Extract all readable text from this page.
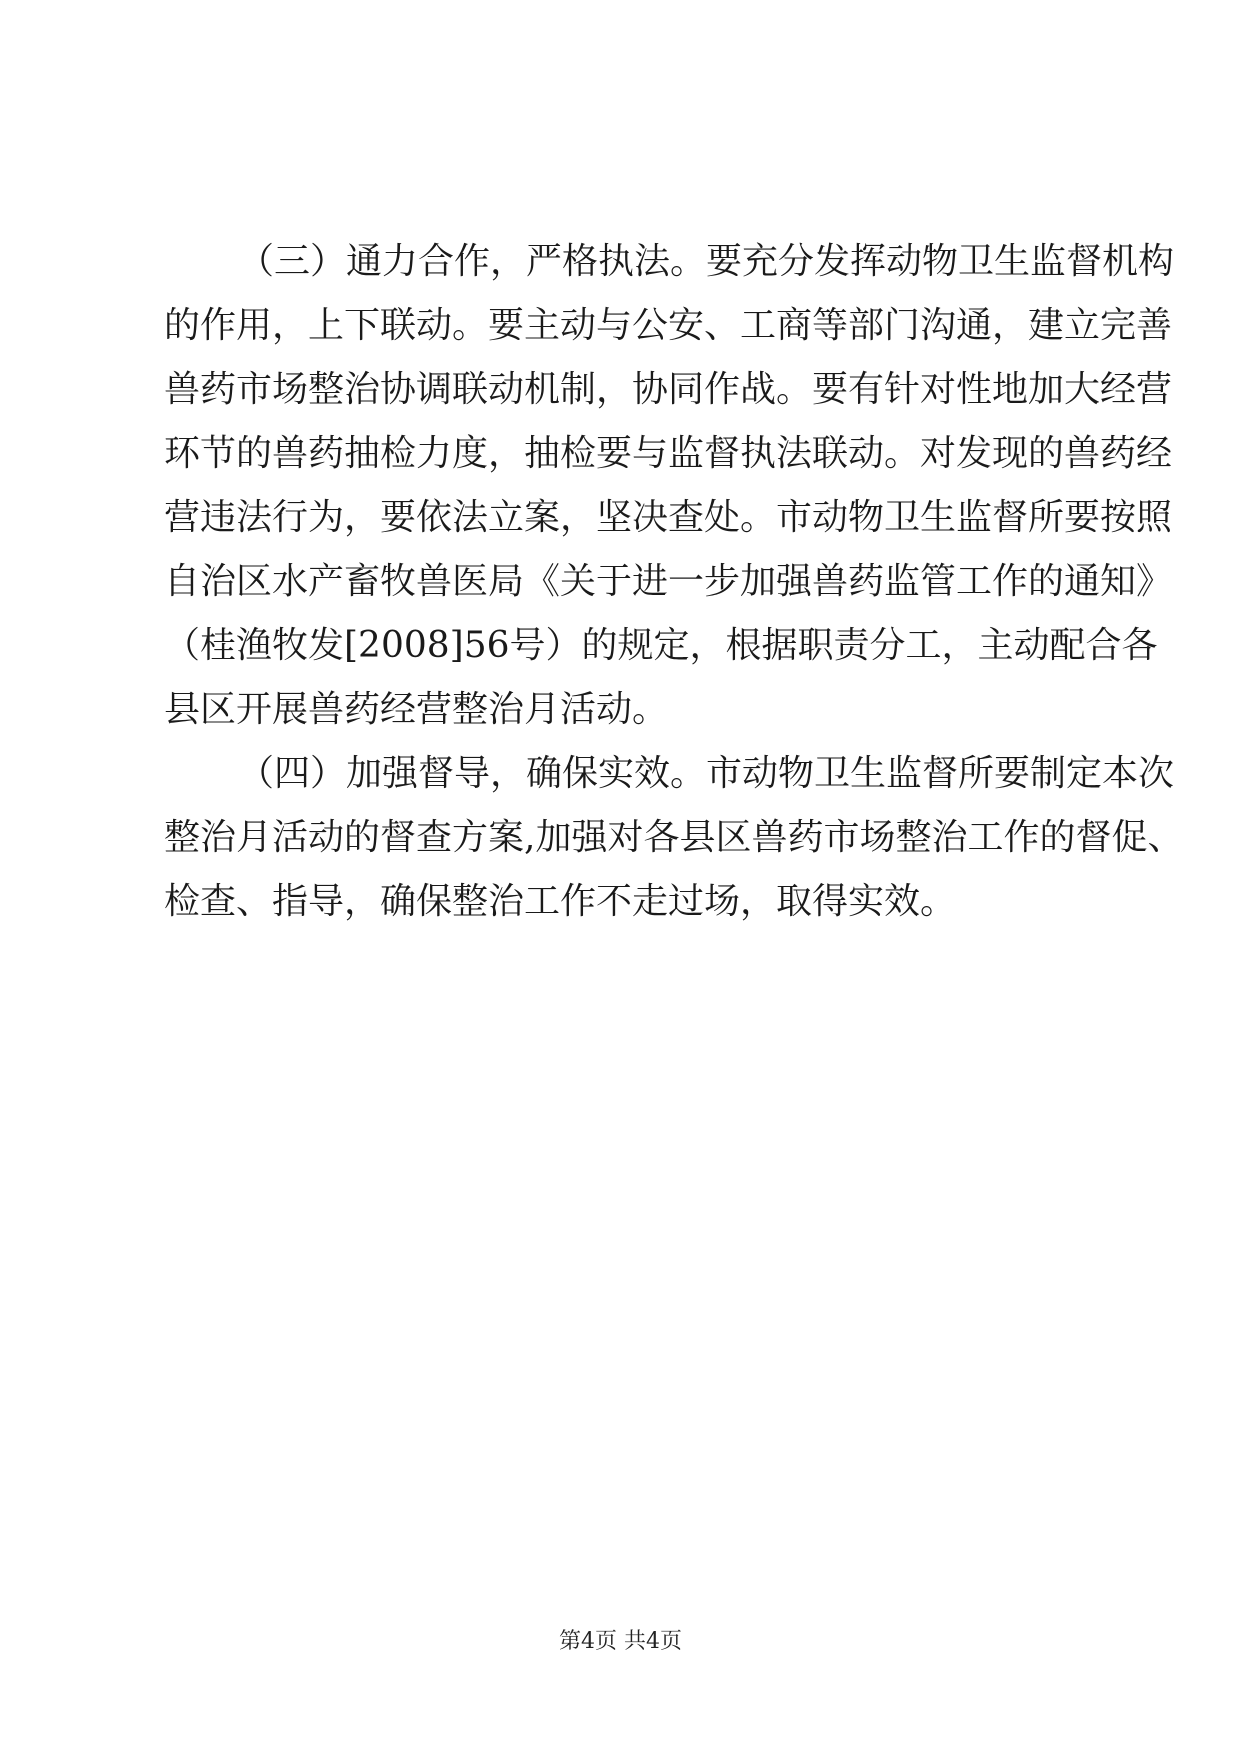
（三）通力合作，严格执法。要充分发挥动物卫生监督机构
的作用，上下联动。要主动与公安、工商等部门沟通，建立完善
兽药市场整治协调联动机制，协同作战。要有针对性地加大经营
环节的兽药抽检力度，抽检要与监督执法联动。对发现的兽药经
营违法行为，要依法立案，坚决查处。市动物卫生监督所要按照
自治区水产畜牧兽医局《关于进一步加强兽药监管工作的通知》
（桂渔牧发[2008]56号）的规定，根据职责分工，主动配合各
县区开展兽药经营整治月活动。
（四）加强督导，确保实效。市动物卫生监督所要制定本次
整治月活动的督查方案,加强对各县区兽药市场整治工作的督促、
检查、指导，确保整治工作不走过场，取得实效。
第4页 共4页
